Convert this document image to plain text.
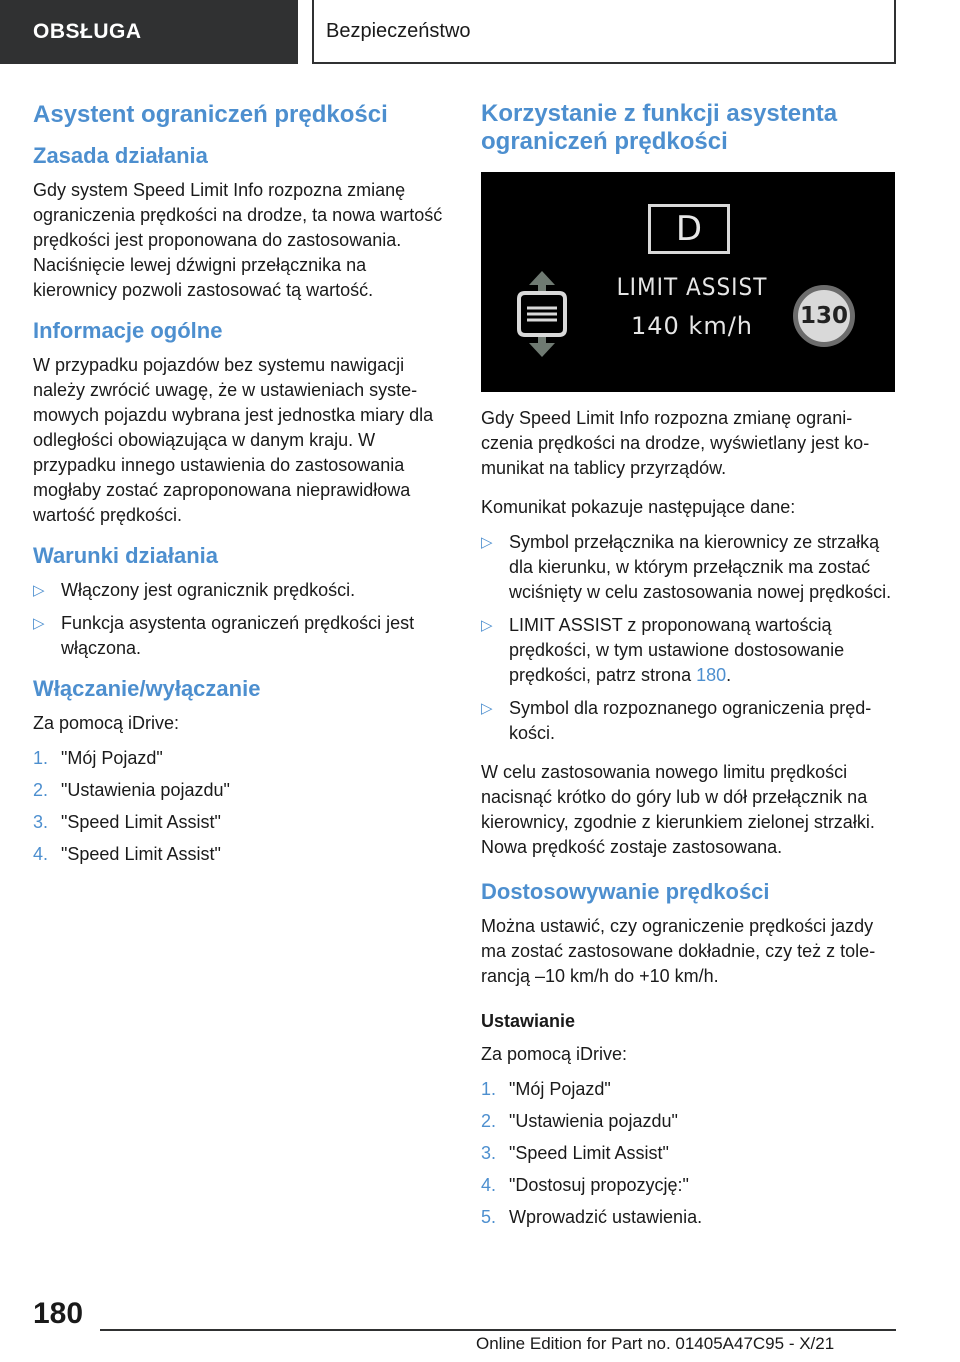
OBSŁUGA	Bezpieczeństwo
Asystent ograniczeń prędkości
Zasada działania

Gdy system Speed Limit Info rozpozna zmianę ograniczenia prędkości na drodze, ta nowa wartość prędkości jest proponowana do zastosowania. Naciśnięcie lewej dźwigni przełącznika na kierownicy pozwoli zastosować tą wartość.

Informacje ogólne

W przypadku pojazdów bez systemu nawigacji należy zwrócić uwagę, że w ustawieniach systemowych pojazdu wybrana jest jednostka miary dla odległości obowiązująca w danym kraju. W przypadku innego ustawienia do zastosowania mogłaby zostać zaproponowana nieprawidłowa wartość prędkości.

Warunki działania
▷ Włączony jest ogranicznik prędkości.
▷ Funkcja asystenta ograniczeń prędkości jest włączona.
Włączanie/wyłączanie

Za pomocą iDrive:

1. "Mój Pojazd"
2. "Ustawienia pojazdu"
3. "Speed Limit Assist"
4. "Speed Limit Assist"
Korzystanie z funkcji asystenta ograniczeń prędkości
D
LIMIT ASSIST
140 km/h	130

Gdy Speed Limit Info rozpozna zmianę ograniczenia prędkości na drodze, wyświetlany jest komunikat na tablicy przyrządów.

Komunikat pokazuje następujące dane:

▷ Symbol przełącznika na kierownicy ze strzałką dla kierunku, w którym przełącznik ma zostać wciśnięty w celu zastosowania nowej prędkości.
▷ LIMIT ASSIST z proponowaną wartością prędkości, w tym ustawione dostosowanie prędkości, patrz strona 180.
▷ Symbol dla rozpoznanego ograniczenia prędkości.

W celu zastosowania nowego limitu prędkości nacisnąć krótko do góry lub w dół przełącznik na kierownicy, zgodnie z kierunkiem zielonej strzałki. Nowa prędkość zostaje zastosowana.

Dostosowywanie prędkości

Można ustawić, czy ograniczenie prędkości jazdy ma zostać zastosowane dokładnie, czy też z tolerancją –10 km/h do +10 km/h.

Ustawianie

Za pomocą iDrive:

1. "Mój Pojazd"
2. "Ustawienia pojazdu"
3. "Speed Limit Assist"
4. "Dostosuj propozycję:"
5. Wprowadzić ustawienia.
180
Online Edition for Part no. 01405A47C95 - X/21
